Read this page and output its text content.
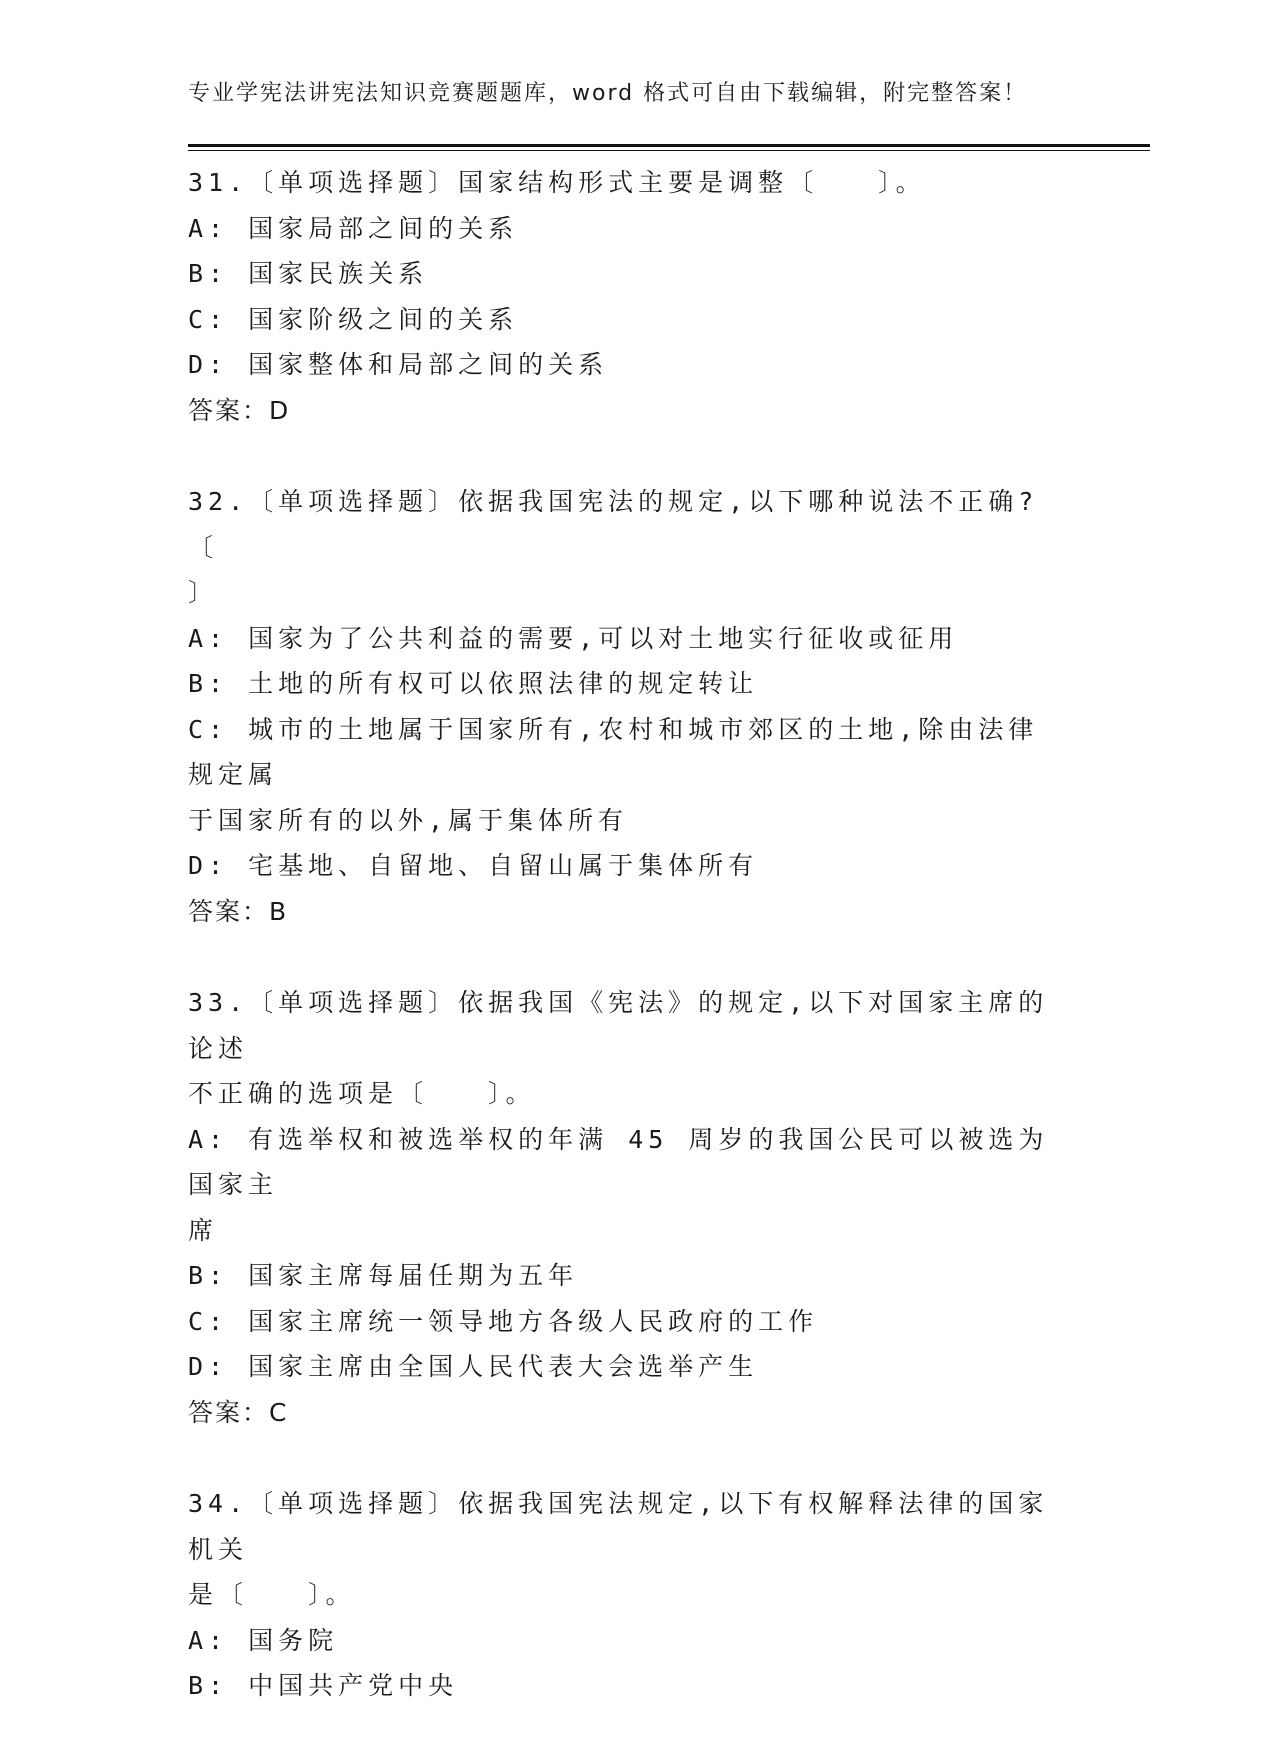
专业学宪法讲宪法知识竞赛题题库，word 格式可自由下载编辑，附完整答案！
31.〔单项选择题〕国家结构形式主要是调整〔　　〕。
A: 国家局部之间的关系
B: 国家民族关系
C: 国家阶级之间的关系
D: 国家整体和局部之间的关系
答案：D
32.〔单项选择题〕依据我国宪法的规定,以下哪种说法不正确?〔
〕
A: 国家为了公共利益的需要,可以对土地实行征收或征用
B: 土地的所有权可以依照法律的规定转让
C: 城市的土地属于国家所有,农村和城市郊区的土地,除由法律规定属
于国家所有的以外,属于集体所有
D: 宅基地、自留地、自留山属于集体所有
答案：B
33.〔单项选择题〕依据我国《宪法》的规定,以下对国家主席的论述
不正确的选项是〔　　〕。
A: 有选举权和被选举权的年满 45 周岁的我国公民可以被选为国家主
席
B: 国家主席每届任期为五年
C: 国家主席统一领导地方各级人民政府的工作
D: 国家主席由全国人民代表大会选举产生
答案：C
34.〔单项选择题〕依据我国宪法规定,以下有权解释法律的国家机关
是〔　　〕。
A: 国务院
B: 中国共产党中央
